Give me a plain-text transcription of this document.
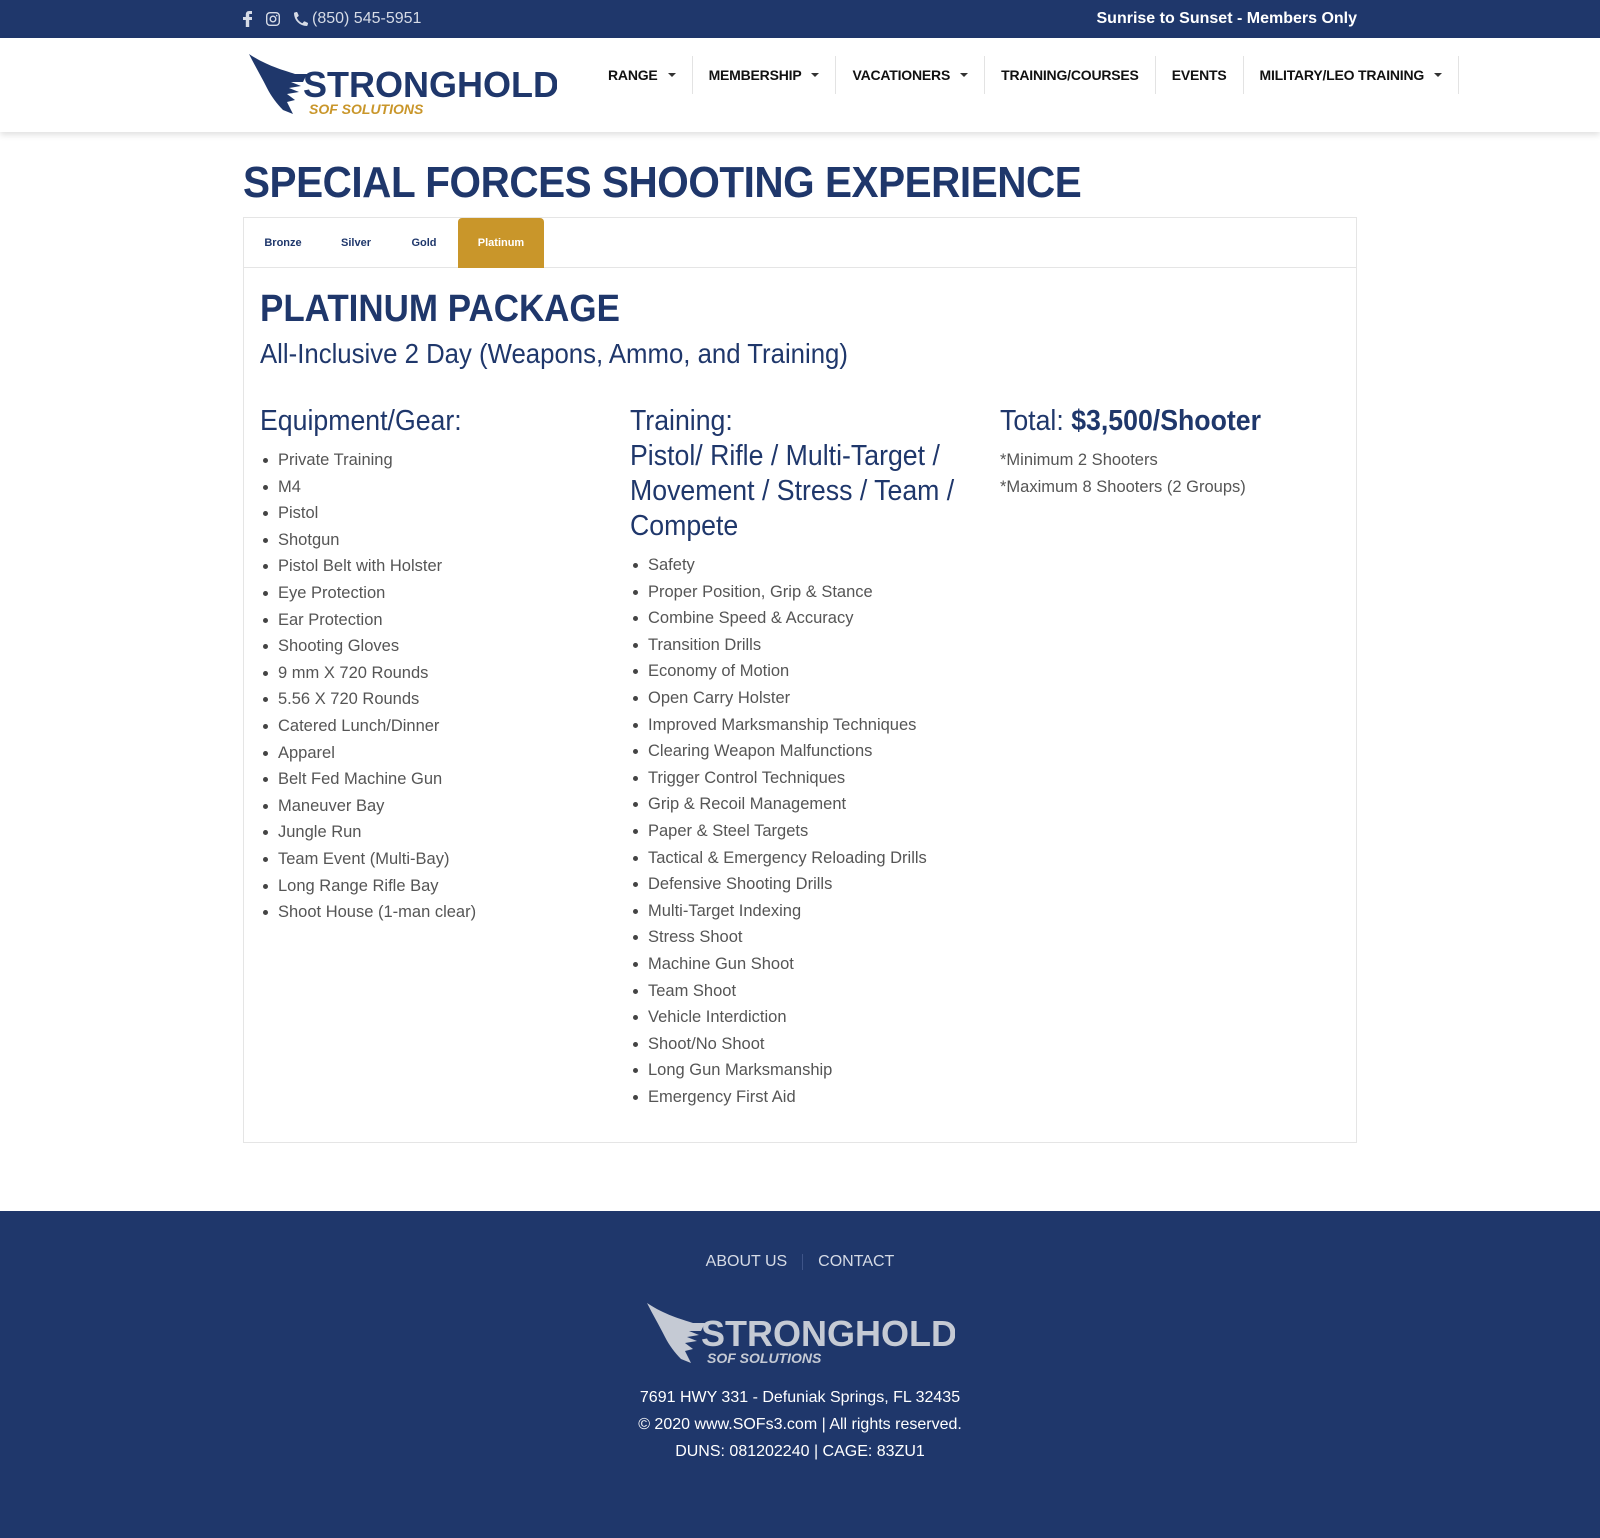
(850) 545-5951	Sunrise to Sunset - Members Only
STRONGHOLD
SOF SOLUTIONS
RANGE	MEMBERSHIP	VACATIONERS	TRAINING/COURSES EVENTS MILITARY/LEO TRAINING
SPECIAL FORCES SHOOTING EXPERIENCE
Bronze	Silver	Gold	Platinum
PLATINUM PACKAGE
All-Inclusive 2 Day (Weapons, Ammo, and Training)
Equipment/Gear:
Private Training
M4
Pistol
Shotgun
Pistol Belt with Holster
Eye Protection
Ear Protection
Shooting Gloves
9 mm X 720 Rounds
5.56 X 720 Rounds
Catered Lunch/Dinner
Apparel
Belt Fed Machine Gun
Maneuver Bay
Jungle Run
Team Event (Multi-Bay)
Long Range Rifle Bay
Shoot House (1-man clear)
Training:
Pistol/ Rifle / Multi-Target /
Movement / Stress / Team /
Compete
Safety
Proper Position, Grip & Stance
Combine Speed & Accuracy
Transition Drills
Economy of Motion
Open Carry Holster
Improved Marksmanship Techniques
Clearing Weapon Malfunctions
Trigger Control Techniques
Grip & Recoil Management
Paper & Steel Targets
Tactical & Emergency Reloading Drills
Defensive Shooting Drills
Multi-Target Indexing
Stress Shoot
Machine Gun Shoot
Team Shoot
Vehicle Interdiction
Shoot/No Shoot
Long Gun Marksmanship
Emergency First Aid
Total: $3,500/Shooter
*Minimum 2 Shooters
*Maximum 8 Shooters (2 Groups)
ABOUT US CONTACT
STRONGHOLD
SOF SOLUTIONS
7691 HWY 331 - Defuniak Springs, FL 32435
© 2020 www.SOFs3.com | All rights reserved.
DUNS: 081202240 | CAGE: 83ZU1
